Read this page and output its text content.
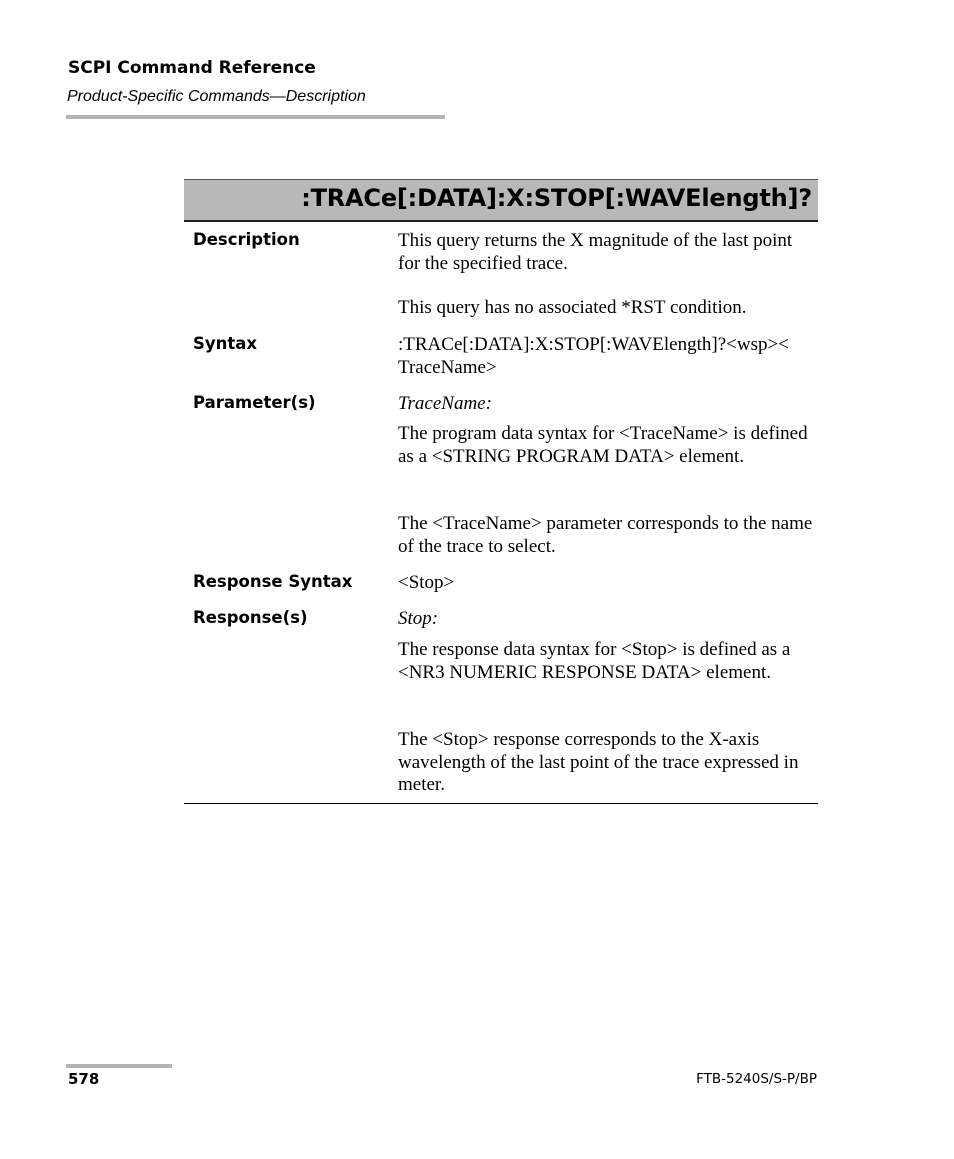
SCPI Command Reference
Product-Specific Commands—Description
:TRACe[:DATA]:X:STOP[:WAVElength]?
Description	This query returns the X magnitude of the last point for the specified trace.
This query has no associated *RST condition.
Syntax	:TRACe[:DATA]:X:STOP[:WAVElength]?<wsp><
TraceName>
Parameter(s)	TraceName:
The program data syntax for <TraceName> is defined as a <STRING PROGRAM DATA> element.
The <TraceName> parameter corresponds to the name of the trace to select.
Response Syntax <Stop>
Response(s)	Stop:
The response data syntax for <Stop> is defined as a <NR3 NUMERIC RESPONSE DATA> element.
The <Stop> response corresponds to the X-axis wavelength of the last point of the trace expressed in meter.
578	FTB-5240S/S-P/BP
